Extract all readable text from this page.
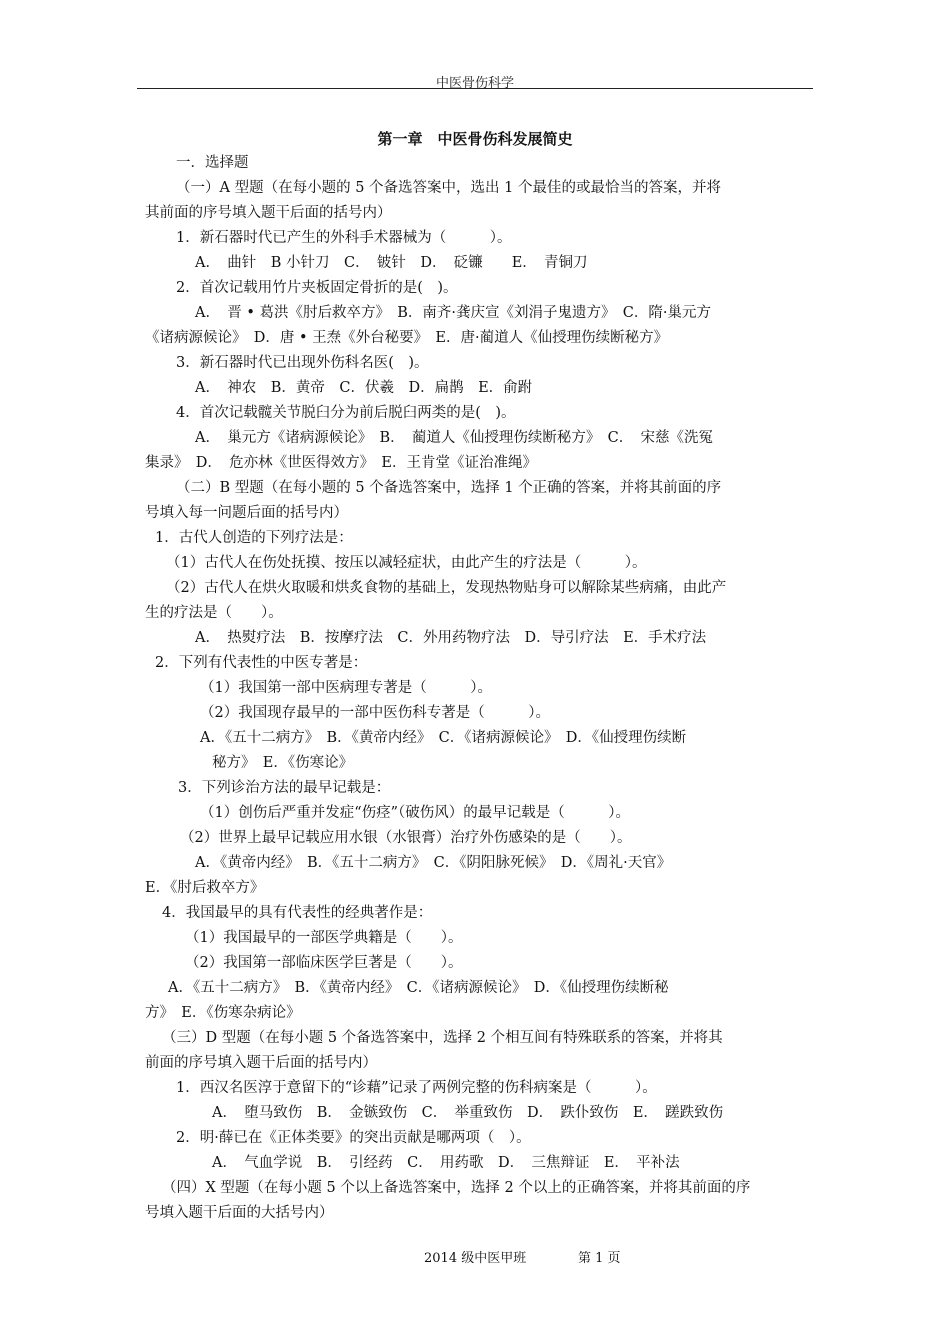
中医骨伤科学
第一章　中医骨伤科发展简史
一．选择题
（一）A 型题（在每小题的 5 个备选答案中，选出 1 个最佳的或最恰当的答案，并将
其前面的序号填入题干后面的括号内）
1．新石器时代已产生的外科手术器械为（　　　）。
A．　曲针　B 小针刀　C．　铍针　D．　砭镰　　E．　青铜刀
2．首次记载用竹片夹板固定骨折的是(　)。
A．　晋 • 葛洪《肘后救卒方》　B．南齐·龚庆宣《刘涓子鬼遗方》　C．隋·巢元方
《诸病源候论》　D．唐 • 王焘《外台秘要》　E．唐·蔺道人《仙授理伤续断秘方》
3．新石器时代已出现外伤科名医(　)。
A．　神农　B．黄帝　C．伏羲　D．扁鹊　E．俞跗
4．首次记载髋关节脱臼分为前后脱臼两类的是(　)。
A．　巢元方《诸病源候论》　B．　蔺道人《仙授理伤续断秘方》　C．　宋慈《洗冤
集录》　D．　危亦林《世医得效方》　E．王肯堂《证治准绳》
（二）B 型题（在每小题的 5 个备选答案中，选择 1 个正确的答案，并将其前面的序
号填入每一问题后面的括号内）
1．古代人创造的下列疗法是：
（1）古代人在伤处抚摸、按压以减轻症状，由此产生的疗法是（　　　）。
（2）古代人在烘火取暖和烘炙食物的基础上，发现热物贴身可以解除某些病痛，由此产
生的疗法是（　　）。
A．　热熨疗法　B．按摩疗法　C．外用药物疗法　D．导引疗法　E．手术疗法
2．下列有代表性的中医专著是：
（1）我国第一部中医病理专著是（　　　）。
（2）我国现存最早的一部中医伤科专著是（　　　）。
A．《五十二病方》　B．《黄帝内经》　C．《诸病源候论》　D．《仙授理伤续断
秘方》　E．《伤寒论》
3．下列诊治方法的最早记载是：
（1）创伤后严重并发症“伤痉”（破伤风）的最早记载是（　　　）。
（2）世界上最早记载应用水银（水银膏）治疗外伤感染的是（　　）。
A．《黄帝内经》　B．《五十二病方》　C．《阴阳脉死候》　D．《周礼·天官》
E．《肘后救卒方》
4．我国最早的具有代表性的经典著作是：
（1）我国最早的一部医学典籍是（　　）。
（2）我国第一部临床医学巨著是（　　）。
A．《五十二病方》　B．《黄帝内经》　C．《诸病源候论》　D．《仙授理伤续断秘
方》　E．《伤寒杂病论》
（三）D 型题（在每小题 5 个备选答案中，选择 2 个相互间有特殊联系的答案，并将其
前面的序号填入题干后面的括号内）
1．西汉名医淳于意留下的“诊藉”记录了两例完整的伤科病案是（　　　）。
A．　堕马致伤　B．　金镞致伤　C．　举重致伤　D．　跌仆致伤　E．　蹉跌致伤
2．明·薛已在《正体类要》的突出贡献是哪两项（　）。
A．　气血学说　B．　引经药　C．　用药歌　D．　三焦辩证　E．　平补法
（四）X 型题（在每小题 5 个以上备选答案中，选择 2 个以上的正确答案，并将其前面的序
号填入题干后面的大括号内）
2014 级中医甲班	第 1 页
